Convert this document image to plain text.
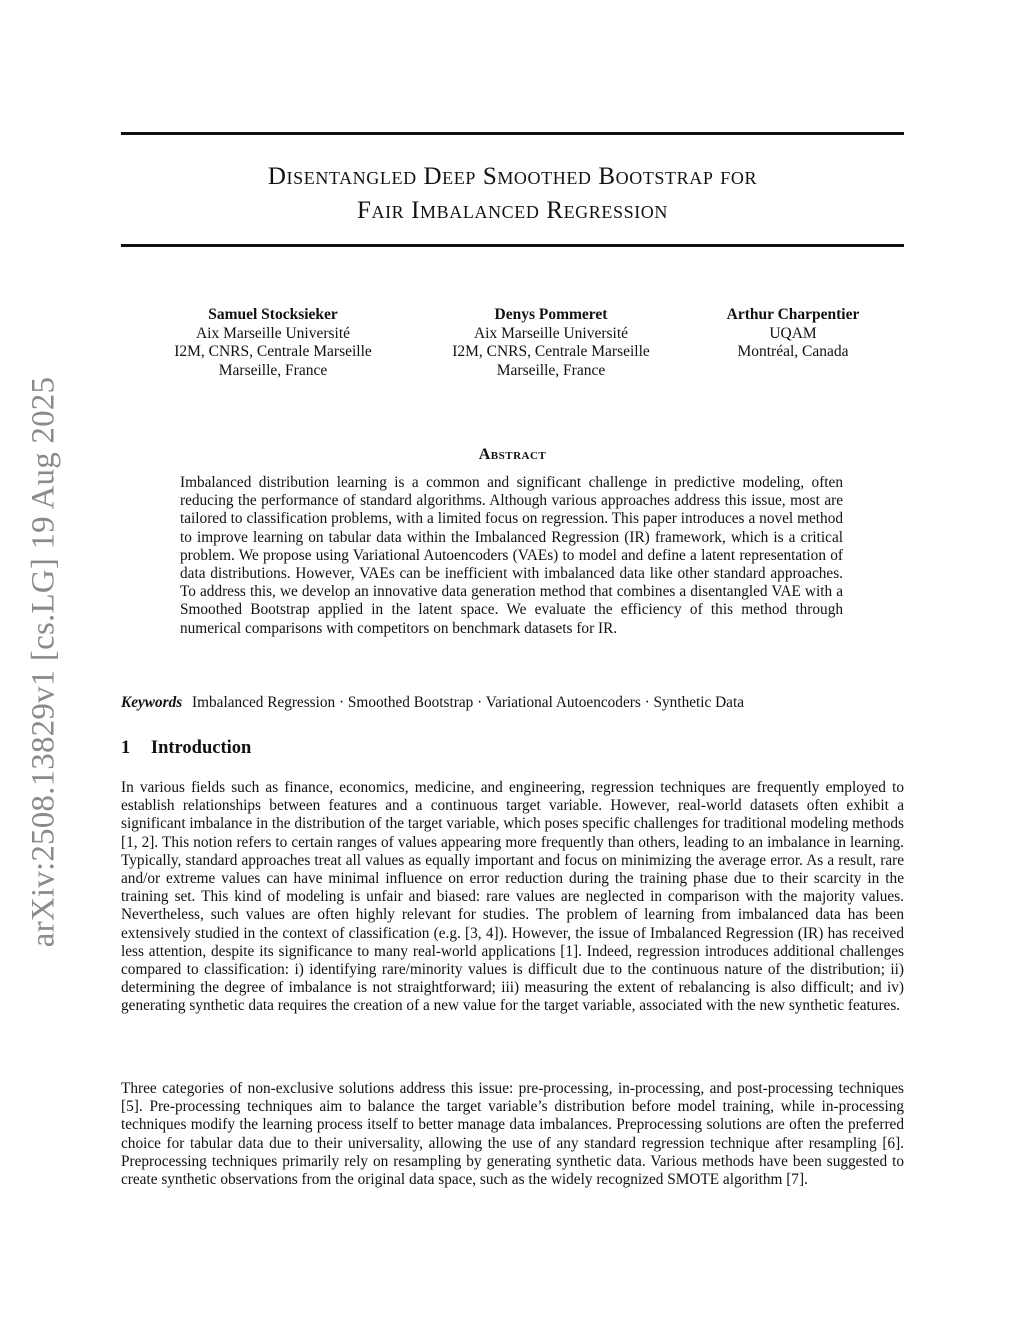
arXiv:2508.13829v1 [cs.LG] 19 Aug 2025
Disentangled Deep Smoothed Bootstrap for
Fair Imbalanced Regression
Samuel Stocksieker
Aix Marseille Université
I2M, CNRS, Centrale Marseille
Marseille, France
Denys Pommeret
Aix Marseille Université
I2M, CNRS, Centrale Marseille
Marseille, France
Arthur Charpentier
UQAM
Montréal, Canada
Abstract
Imbalanced distribution learning is a common and significant challenge in predictive modeling, often reducing the performance of standard algorithms. Although various approaches address this issue, most are tailored to classification problems, with a limited focus on regression. This paper introduces a novel method to improve learning on tabular data within the Imbalanced Regression (IR) framework, which is a critical problem. We propose using Variational Autoencoders (VAEs) to model and define a latent representation of data distributions. However, VAEs can be inefficient with imbalanced data like other standard approaches. To address this, we develop an innovative data generation method that combines a disentangled VAE with a Smoothed Bootstrap applied in the latent space. We evaluate the efficiency of this method through numerical comparisons with competitors on benchmark datasets for IR.
Keywords Imbalanced Regression · Smoothed Bootstrap · Variational Autoencoders · Synthetic Data
1 Introduction
In various fields such as finance, economics, medicine, and engineering, regression techniques are frequently employed to establish relationships between features and a continuous target variable. However, real-world datasets often exhibit a significant imbalance in the distribution of the target variable, which poses specific challenges for traditional modeling methods [1, 2]. This notion refers to certain ranges of values appearing more frequently than others, leading to an imbalance in learning. Typically, standard approaches treat all values as equally important and focus on minimizing the average error. As a result, rare and/or extreme values can have minimal influence on error reduction during the training phase due to their scarcity in the training set. This kind of modeling is unfair and biased: rare values are neglected in comparison with the majority values. Nevertheless, such values are often highly relevant for studies. The problem of learning from imbalanced data has been extensively studied in the context of classification (e.g. [3, 4]). However, the issue of Imbalanced Regression (IR) has received less attention, despite its significance to many real-world applications [1]. Indeed, regression introduces additional challenges compared to classification: i) identifying rare/minority values is difficult due to the continuous nature of the distribution; ii) determining the degree of imbalance is not straightforward; iii) measuring the extent of rebalancing is also difficult; and iv) generating synthetic data requires the creation of a new value for the target variable, associated with the new synthetic features.
Three categories of non-exclusive solutions address this issue: pre-processing, in-processing, and post-processing techniques [5]. Pre-processing techniques aim to balance the target variable’s distribution before model training, while in-processing techniques modify the learning process itself to better manage data imbalances. Preprocessing solutions are often the preferred choice for tabular data due to their universality, allowing the use of any standard regression technique after resampling [6]. Preprocessing techniques primarily rely on resampling by generating synthetic data. Various methods have been suggested to create synthetic observations from the original data space, such as the widely recognized SMOTE algorithm [7].
